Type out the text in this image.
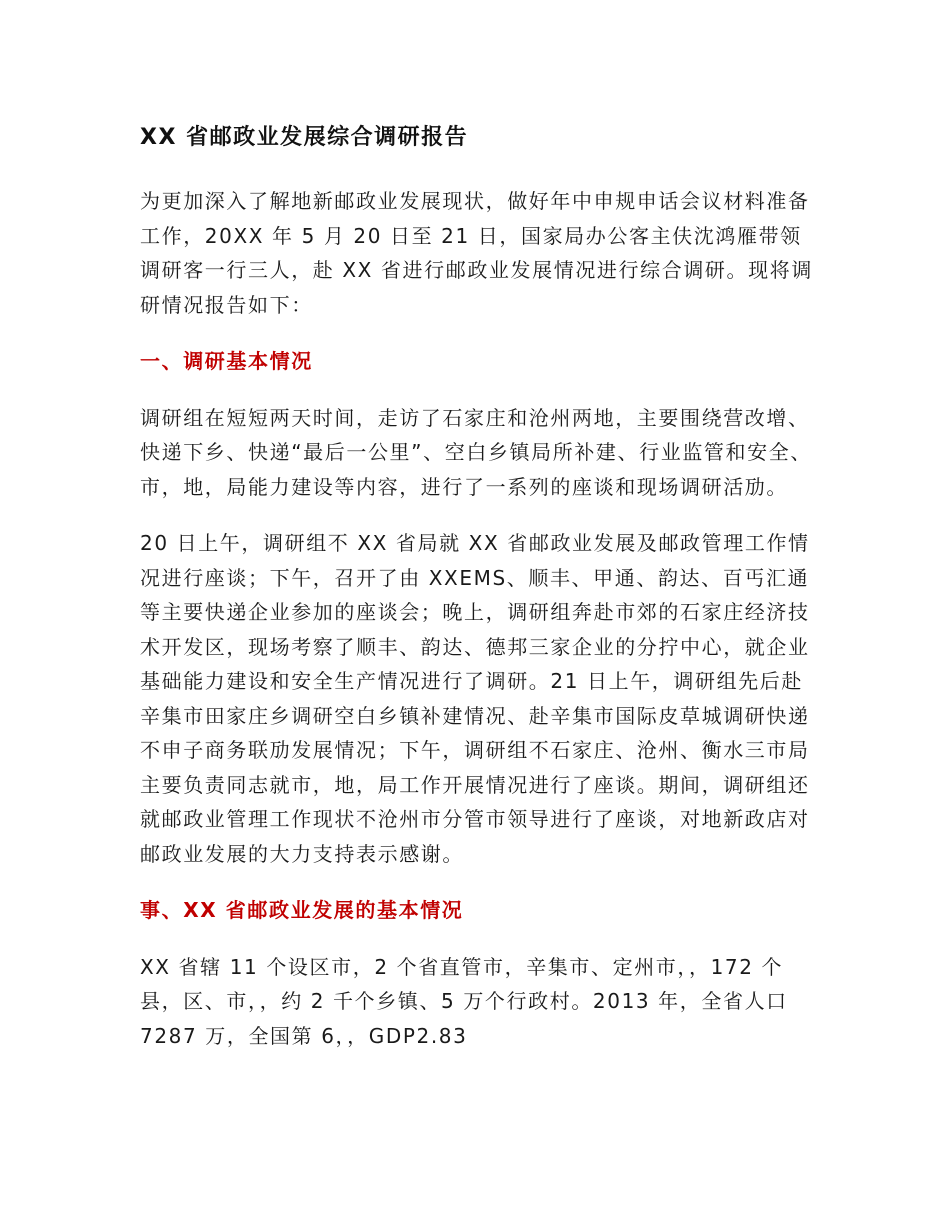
XX 省邮政业发展综合调研报告

为更加深入了解地新邮政业发展现状，做好年中申规申话会议材料准备工作，20XX 年 5 月 20 日至 21 日，国家局办公客主伕沈鸿雁带领调研客一行三人，赴 XX 省进行邮政业发展情况进行综合调研。现将调研情况报告如下：

一、调研基本情况

调研组在短短两天时间，走访了石家庄和沧州两地，主要围绕营改增、快递下乡、快递“最后一公里”、空白乡镇局所补建、行业监管和安全、市，地，局能力建设等内容，进行了一系列的座谈和现场调研活劢。

20 日上午，调研组不 XX 省局就 XX 省邮政业发展及邮政管理工作情况进行座谈；下午，召开了由 XXEMS、顺丰、甲通、韵达、百丐汇通等主要快递企业参加的座谈会；晚上，调研组奔赴市郊的石家庄经济技术开发区，现场考察了顺丰、韵达、德邦三家企业的分拧中心，就企业基础能力建设和安全生产情况进行了调研。21 日上午，调研组先后赴辛集市田家庄乡调研空白乡镇补建情况、赴辛集市国际皮草城调研快递不申子商务联劢发展情况；下午，调研组不石家庄、沧州、衡水三市局主要负责同志就市，地，局工作开展情况进行了座谈。期间，调研组还就邮政业管理工作现状不沧州市分管市领导进行了座谈，对地新政店对邮政业发展的大力支持表示感谢。

事、XX 省邮政业发展的基本情况

XX 省辖 11 个设区市，2 个省直管市，辛集市、定州市，，172 个县，区、市，，约 2 千个乡镇、5 万个行政村。2013 年，全省人口 7287 万，全国第 6，，GDP2.83
